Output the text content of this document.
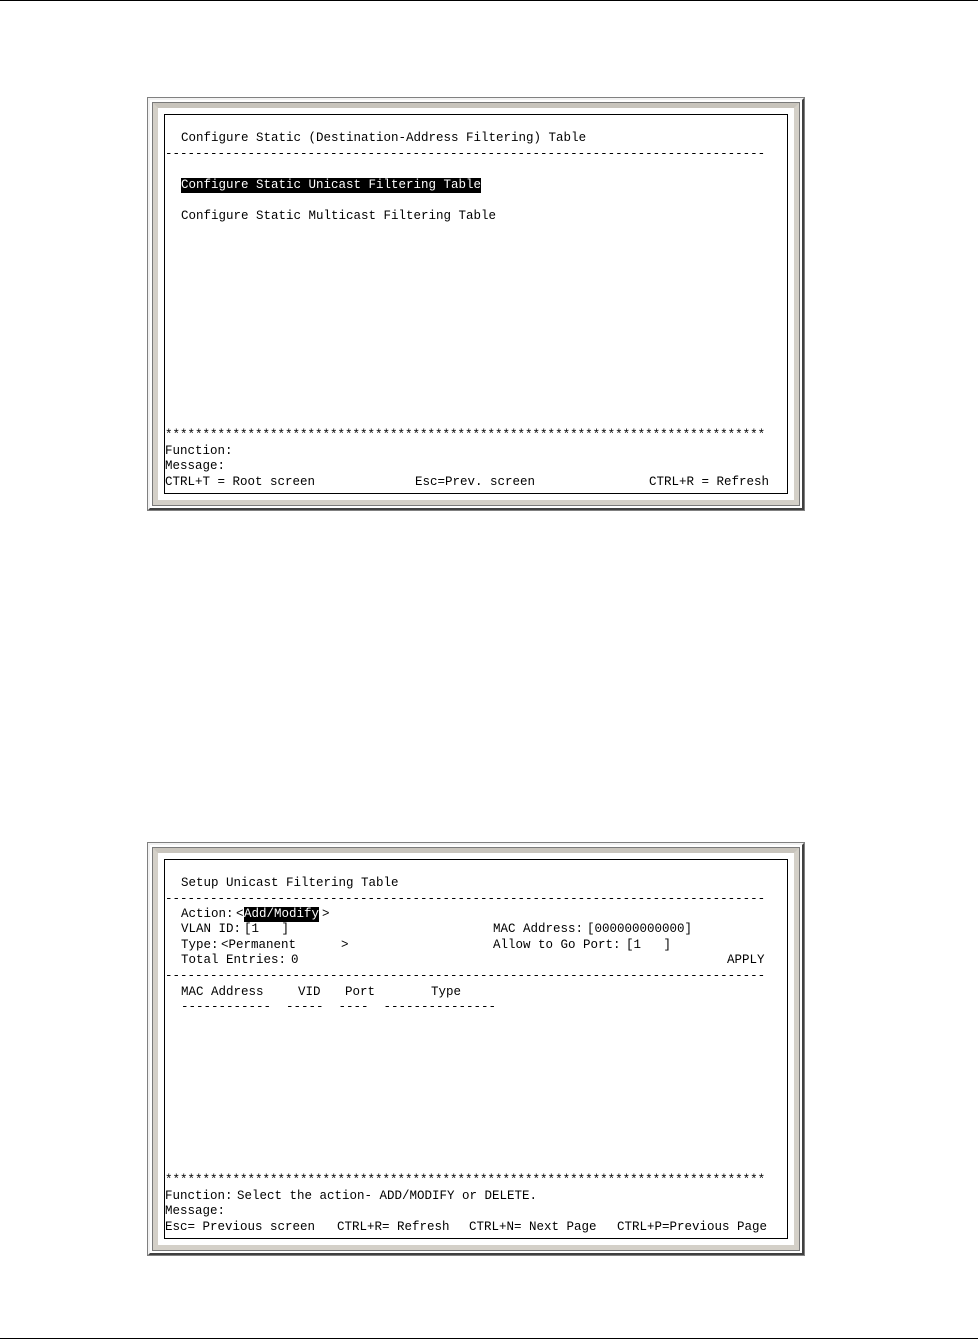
Configure Static (Destination-Address Filtering) Table
--------------------------------------------------------------------------------
Configure Static Unicast Filtering Table
Configure Static Multicast Filtering Table
********************************************************************************
Function:
Message:
CTRL+T = Root screen	Esc=Prev. screen	CTRL+R = Refresh
Setup Unicast Filtering Table
--------------------------------------------------------------------------------
Action: < Add/Modify >
VLAN ID: [1   ]
Type: <Permanent      >
Total Entries: 0
MAC Address: [000000000000]
Allow to Go Port: [1   ]
APPLY
--------------------------------------------------------------------------------
MAC Address	VID Port	Type
------------  -----  ----  ---------------
********************************************************************************
Function: Select the action- ADD/MODIFY or DELETE.
Message:
Esc= Previous screen CTRL+R= Refresh CTRL+N= Next Page CTRL+P=Previous Page
